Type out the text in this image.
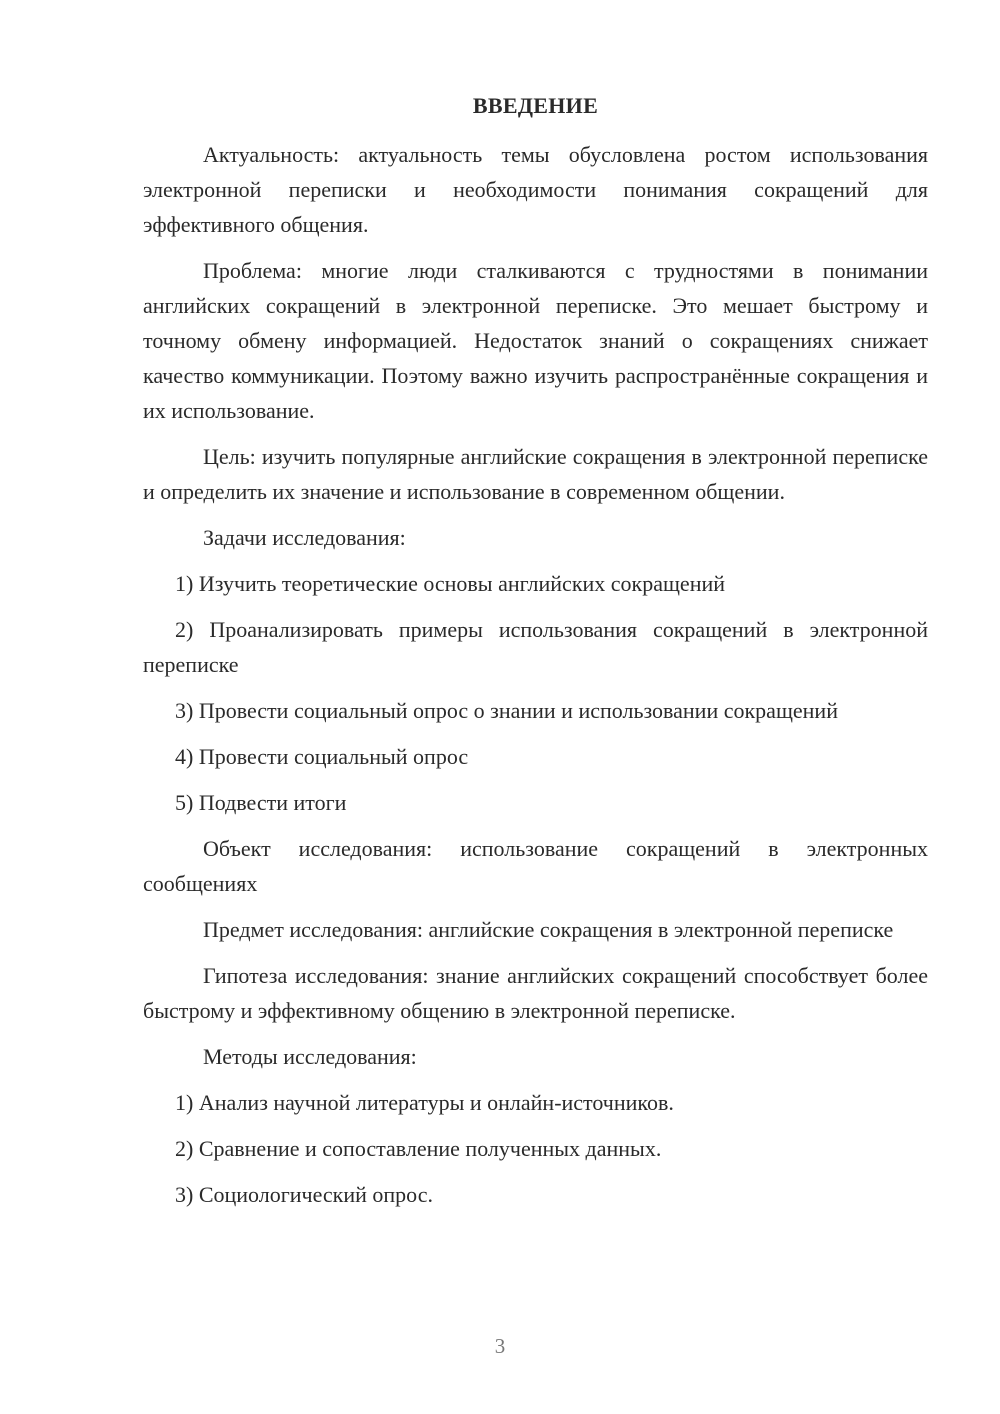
ВВЕДЕНИЕ

Актуальность: актуальность темы обусловлена ростом использования электронной переписки и необходимости понимания сокращений для эффективного общения.

Проблема: многие люди сталкиваются с трудностями в понимании английских сокращений в электронной переписке. Это мешает быстрому и точному обмену информацией. Недостаток знаний о сокращениях снижает качество коммуникации. Поэтому важно изучить распространённые сокращения и их использование.

Цель: изучить популярные английские сокращения в электронной переписке и определить их значение и использование в современном общении.

Задачи исследования:

1) Изучить теоретические основы английских сокращений

2) Проанализировать примеры использования сокращений в электронной переписке

3) Провести социальный опрос о знании и использовании сокращений

4) Провести социальный опрос

5) Подвести итоги

Объект исследования: использование сокращений в электронных сообщениях

Предмет исследования: английские сокращения в электронной переписке

Гипотеза исследования: знание английских сокращений способствует более быстрому и эффективному общению в электронной переписке.

Методы исследования:

1) Анализ научной литературы и онлайн-источников.

2) Сравнение и сопоставление полученных данных.

3) Социологический опрос.

3
